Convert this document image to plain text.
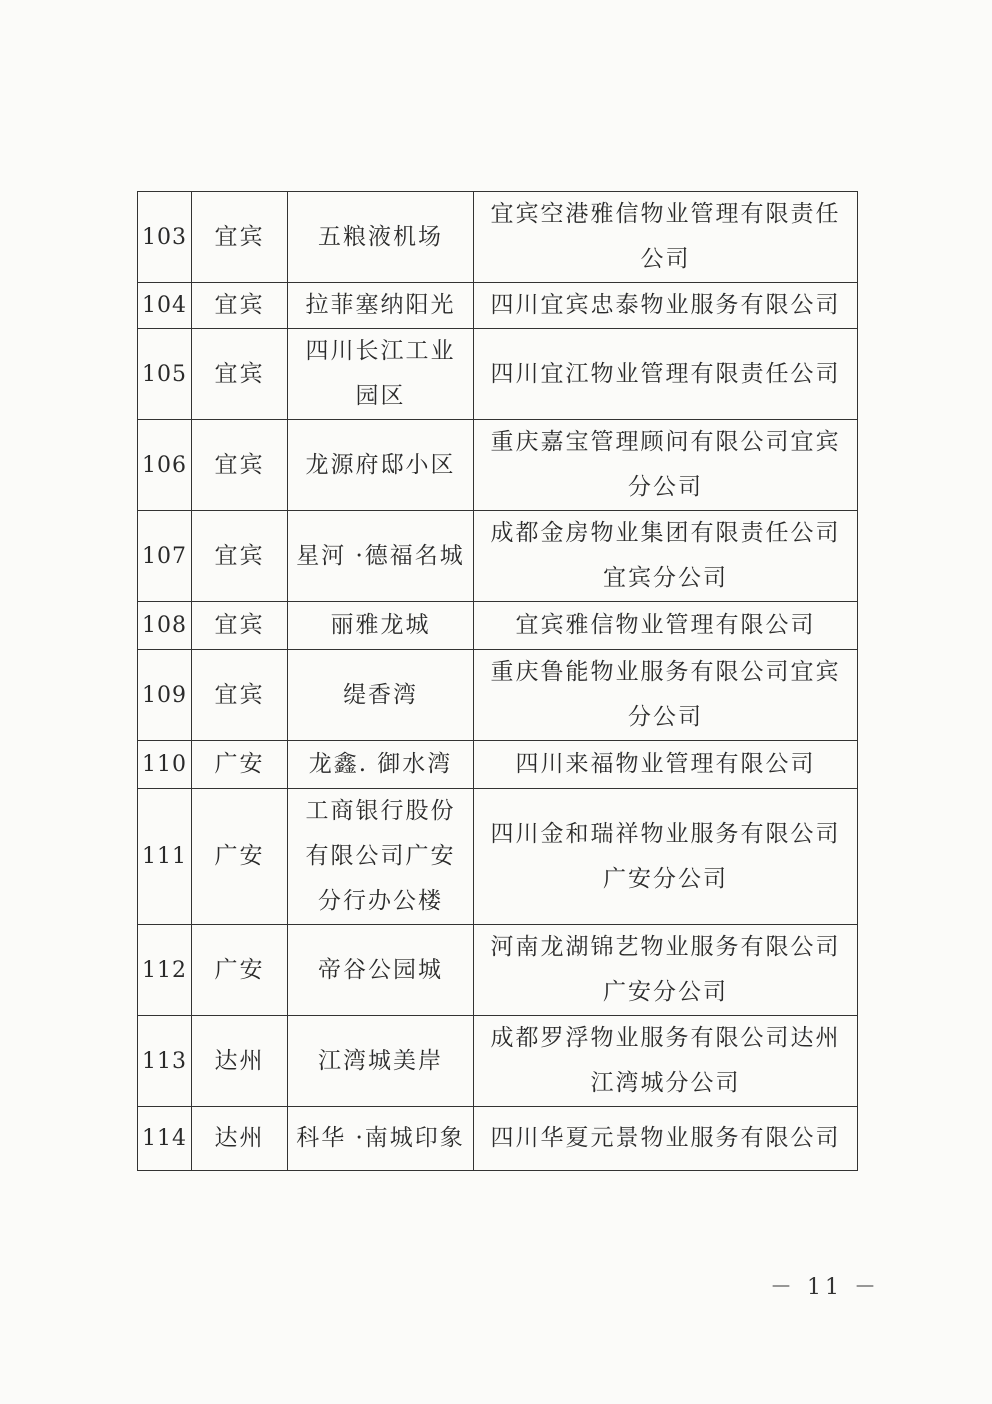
103	宜宾	五粮液机场	宜宾空港雅信物业管理有限责任公司
104	宜宾	拉菲塞纳阳光	四川宜宾忠泰物业服务有限公司
105	宜宾	四川长江工业园区	四川宜江物业管理有限责任公司
106	宜宾	龙源府邸小区	重庆嘉宝管理顾问有限公司宜宾分公司
107	宜宾	星河 ·德福名城	成都金房物业集团有限责任公司宜宾分公司
108	宜宾	丽雅龙城	宜宾雅信物业管理有限公司
109	宜宾	缇香湾	重庆鲁能物业服务有限公司宜宾分公司
110	广安	龙鑫. 御水湾	四川来福物业管理有限公司
111	广安	工商银行股份有限公司广安分行办公楼	四川金和瑞祥物业服务有限公司广安分公司
112	广安	帝谷公园城	河南龙湖锦艺物业服务有限公司广安分公司
113	达州	江湾城美岸	成都罗浮物业服务有限公司达州江湾城分公司
114	达州	科华 ·南城印象	四川华夏元景物业服务有限公司
－ 11 －
